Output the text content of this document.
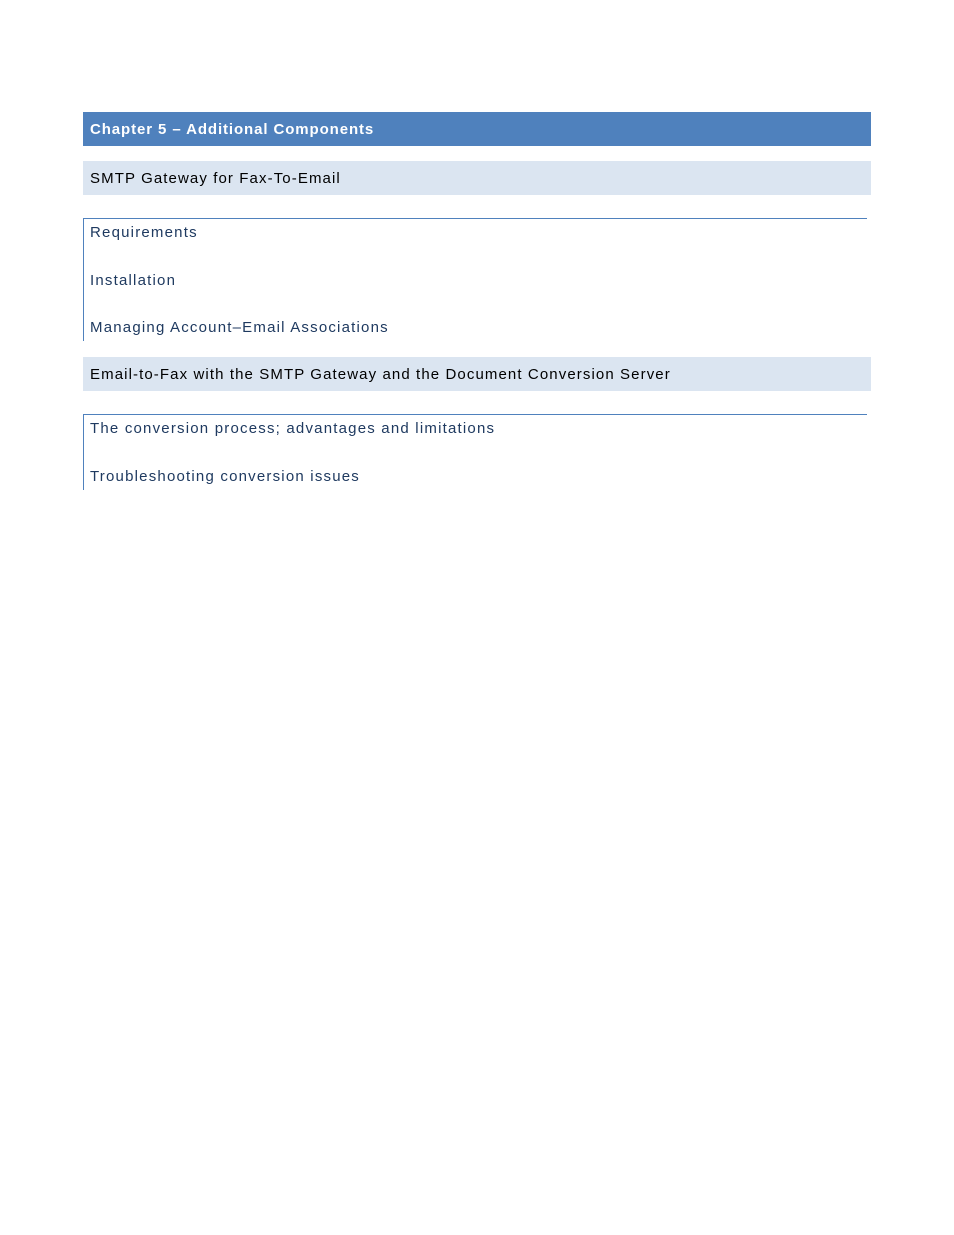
Chapter 5 – Additional Components
SMTP Gateway for Fax-To-Email
Requirements
Installation
Managing Account–Email Associations
Email-to-Fax with the SMTP Gateway and the Document Conversion Server
The conversion process; advantages and limitations
Troubleshooting conversion issues
